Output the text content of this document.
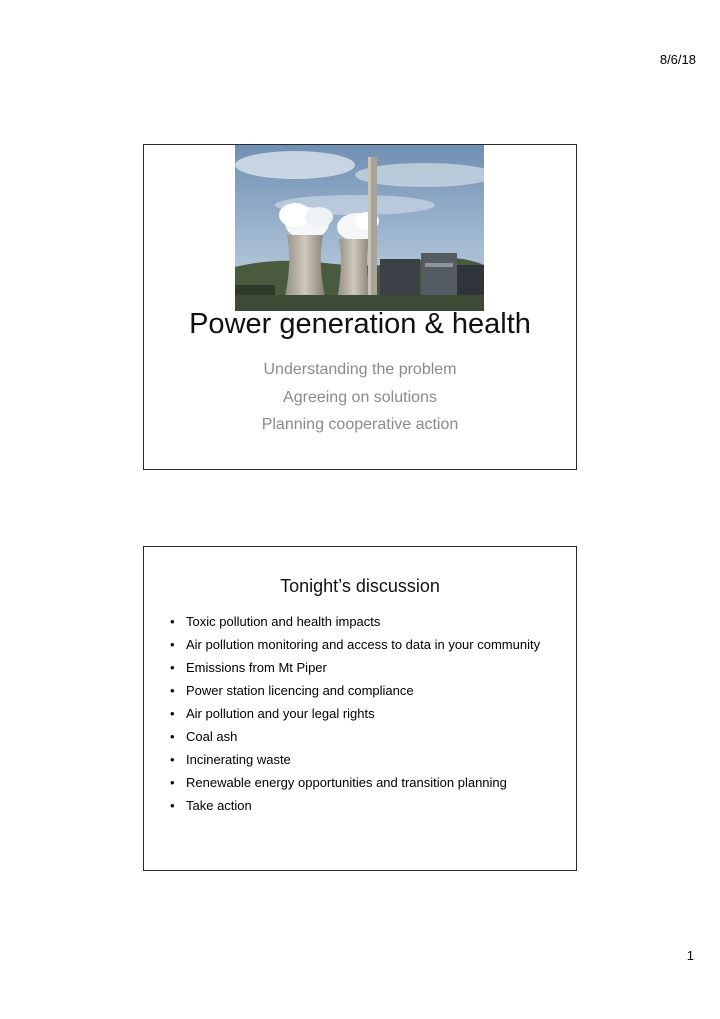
8/6/18
Power generation & health
Understanding the problem
Agreeing on solutions
Planning cooperative action
Tonight’s discussion
• Toxic pollution and health impacts
• Air pollution monitoring and access to data in your community
• Emissions from Mt Piper
• Power station licencing and compliance
• Air pollution and your legal rights
• Coal ash
• Incinerating waste
• Renewable energy opportunities and transition planning
• Take action
1
